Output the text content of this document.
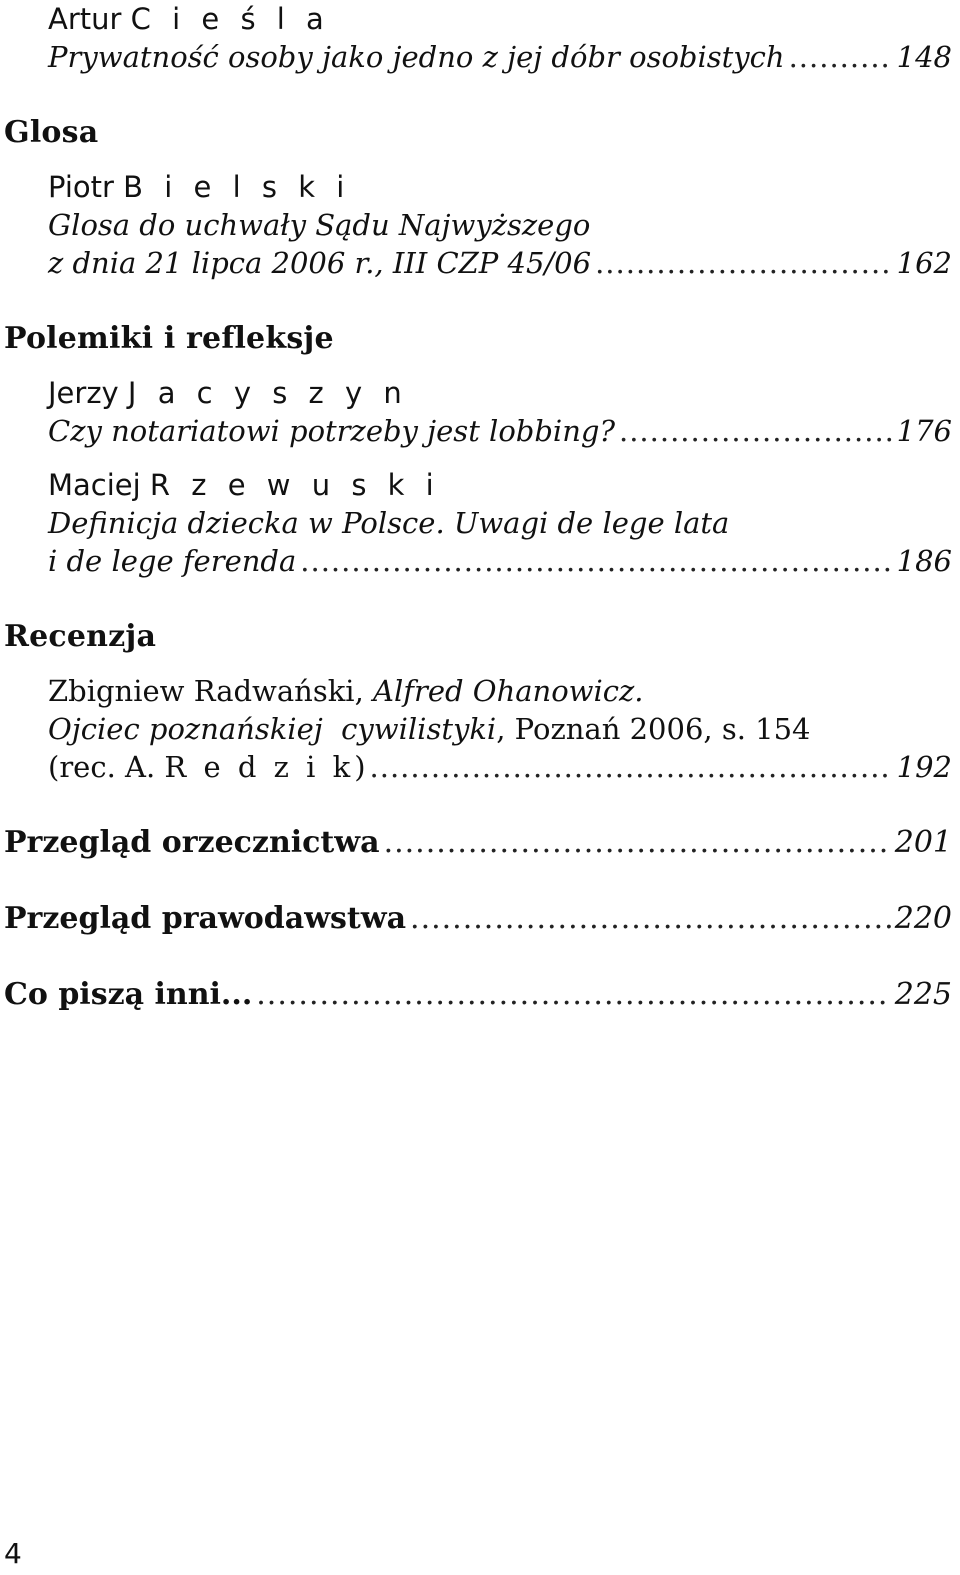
Artur C i e ś l a
Prywatność osoby jako jedno z jej dóbr osobistych .....	148
Glosa
Piotr B i e l s k i
Glosa do uchwały Sądu Najwyższego
z dnia 21 lipca 2006 r., III CZP 45/06 .....	162
Polemiki i refleksje
Jerzy J a c y s z y n
Czy notariatowi potrzeby jest lobbing? .....	176
Maciej R z e w u s k i
Definicja dziecka w Polsce. Uwagi de lege lata
i de lege ferenda .....	186
Recenzja
Zbigniew Radwański, Alfred Ohanowicz.
Ojciec poznańskiej  cywilistyki, Poznań 2006, s. 154
(rec. A. R e d z i k) .....	192
Przegląd orzecznictwa .....	201
Przegląd prawodawstwa .....	220
Co piszą inni... .....	225
4
